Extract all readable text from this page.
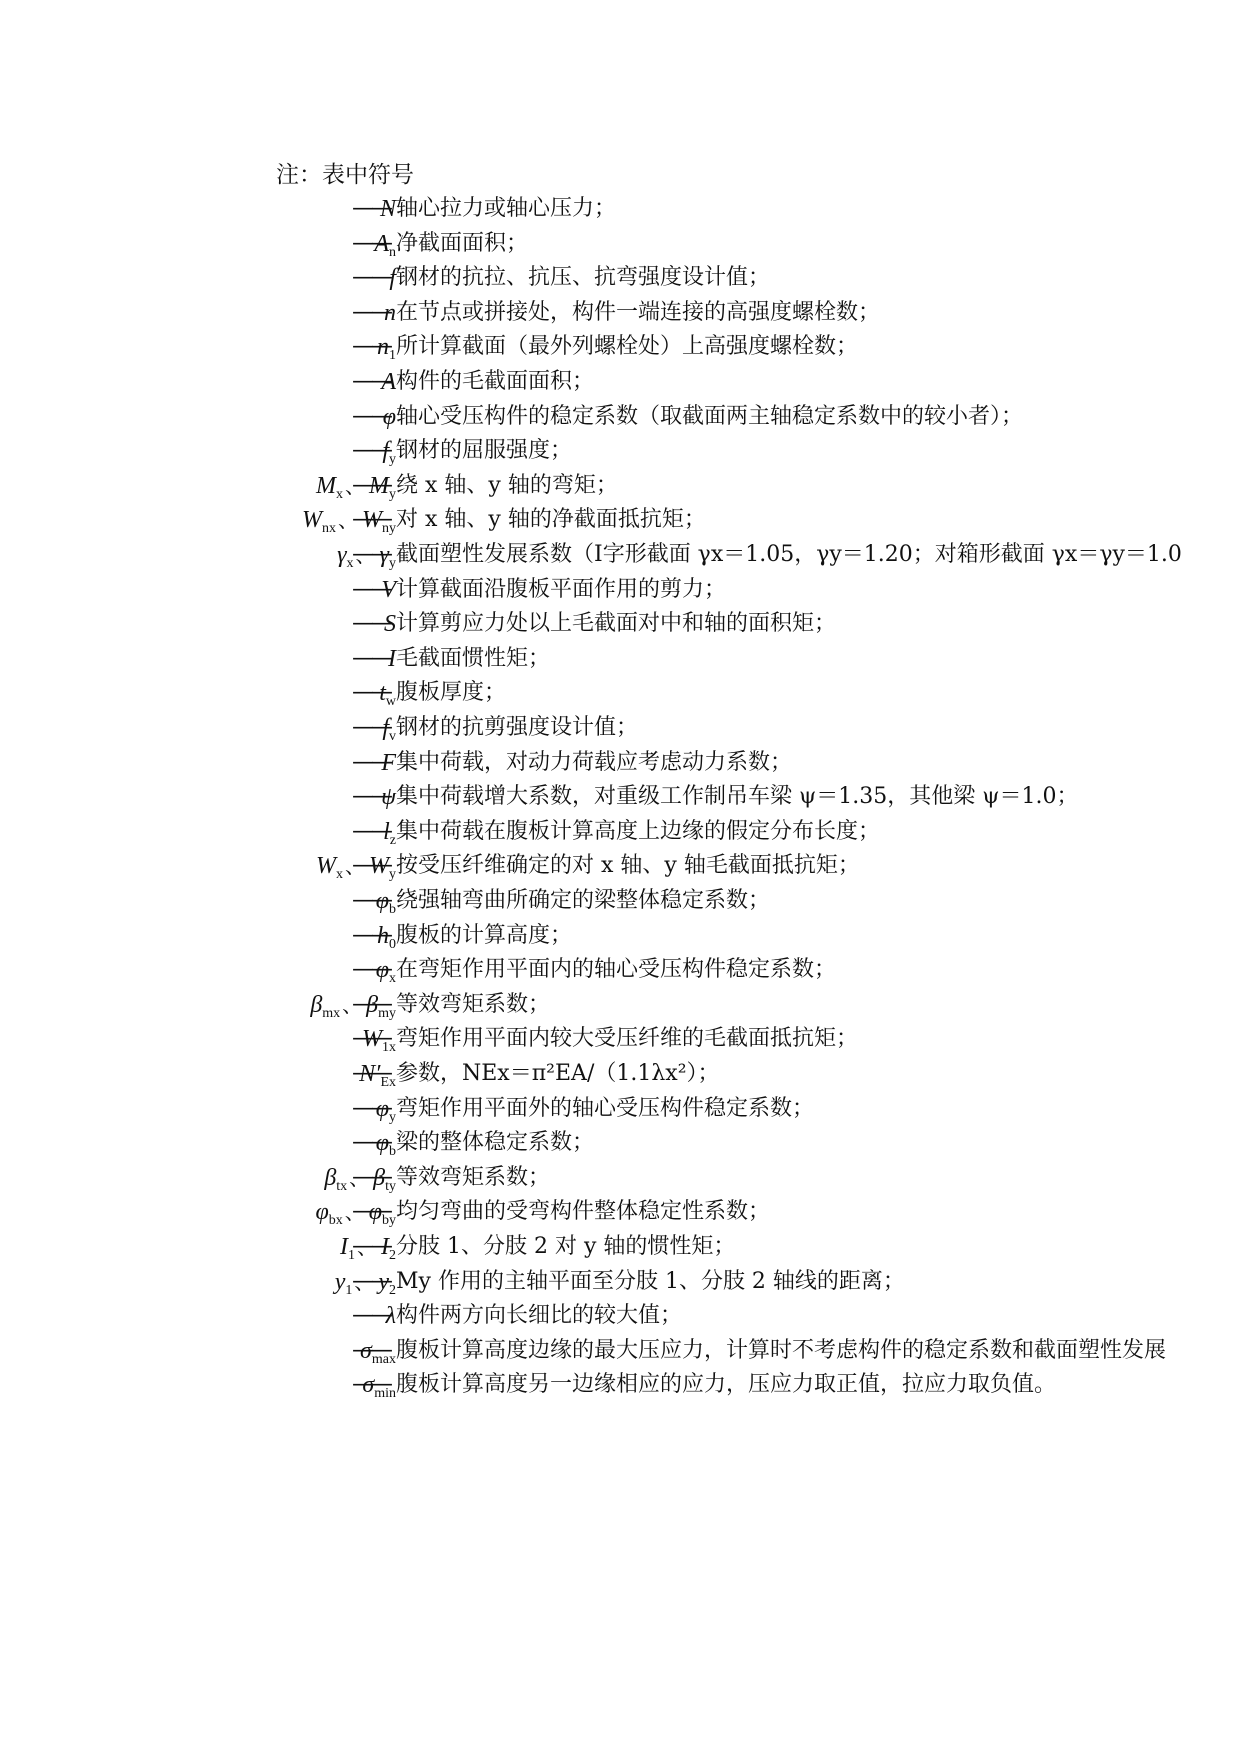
注：表中符号
N —— 轴心拉力或轴心压力；
$A_n$ —— 净截面面积；
f —— 钢材的抗拉、抗压、抗弯强度设计值；
n —— 在节点或拼接处，构件一端连接的高强度螺栓数；
$n_1$ —— 所计算截面（最外列螺栓处）上高强度螺栓数；
A —— 构件的毛截面面积；
φ —— 轴心受压构件的稳定系数（取截面两主轴稳定系数中的较小者）；
$f_y$ —— 钢材的屈服强度；
$M_x$ 、 $M_y$ —— 绕 x 轴、y 轴的弯矩；
$W_{nx}$ 、 $W_{ny}$ —— 对 x 轴、y 轴的净截面抵抗矩；
$\gamma_x$ 、 $\gamma_y$ —— 截面塑性发展系数（I字形截面 γx＝1.05，γy＝1.20；对箱形截面 γx＝γy＝1.0
V —— 计算截面沿腹板平面作用的剪力；
S —— 计算剪应力处以上毛截面对中和轴的面积矩；
I —— 毛截面惯性矩；
$t_w$ —— 腹板厚度；
$f_v$ —— 钢材的抗剪强度设计值；
F —— 集中荷载，对动力荷载应考虑动力系数；
ψ —— 集中荷载增大系数，对重级工作制吊车梁 ψ＝1.35，其他梁 ψ＝1.0；
$l_z$ —— 集中荷载在腹板计算高度上边缘的假定分布长度；
$W_x$ 、 $W_y$ —— 按受压纤维确定的对 x 轴、y 轴毛截面抵抗矩；
$\varphi_b$ —— 绕强轴弯曲所确定的梁整体稳定系数；
$h_0$ —— 腹板的计算高度；
$\varphi_x$ —— 在弯矩作用平面内的轴心受压构件稳定系数；
$\beta_{mx}$ 、 $\beta_{my}$ —— 等效弯矩系数；
$W_{1x}$ —— 弯矩作用平面内较大受压纤维的毛截面抵抗矩；
$N'_{Ex}$ —— 参数，NEx＝π²EA/（1.1λx²）；
$\varphi_y$ —— 弯矩作用平面外的轴心受压构件稳定系数；
$\varphi_b$ —— 梁的整体稳定系数；
$\beta_{tx}$ 、 $\beta_{ty}$ —— 等效弯矩系数；
$\varphi_{bx}$ 、 $\varphi_{by}$ —— 均匀弯曲的受弯构件整体稳定性系数；
$I_1$ 、 $I_2$ —— 分肢 1、分肢 2 对 y 轴的惯性矩；
$y_1$ 、 $y_2$ —— My 作用的主轴平面至分肢 1、分肢 2 轴线的距离；
λ —— 构件两方向长细比的较大值；
$\sigma_{max}$ —— 腹板计算高度边缘的最大压应力，计算时不考虑构件的稳定系数和截面塑性发展
$\sigma_{min}$ —— 腹板计算高度另一边缘相应的应力，压应力取正值，拉应力取负值。
